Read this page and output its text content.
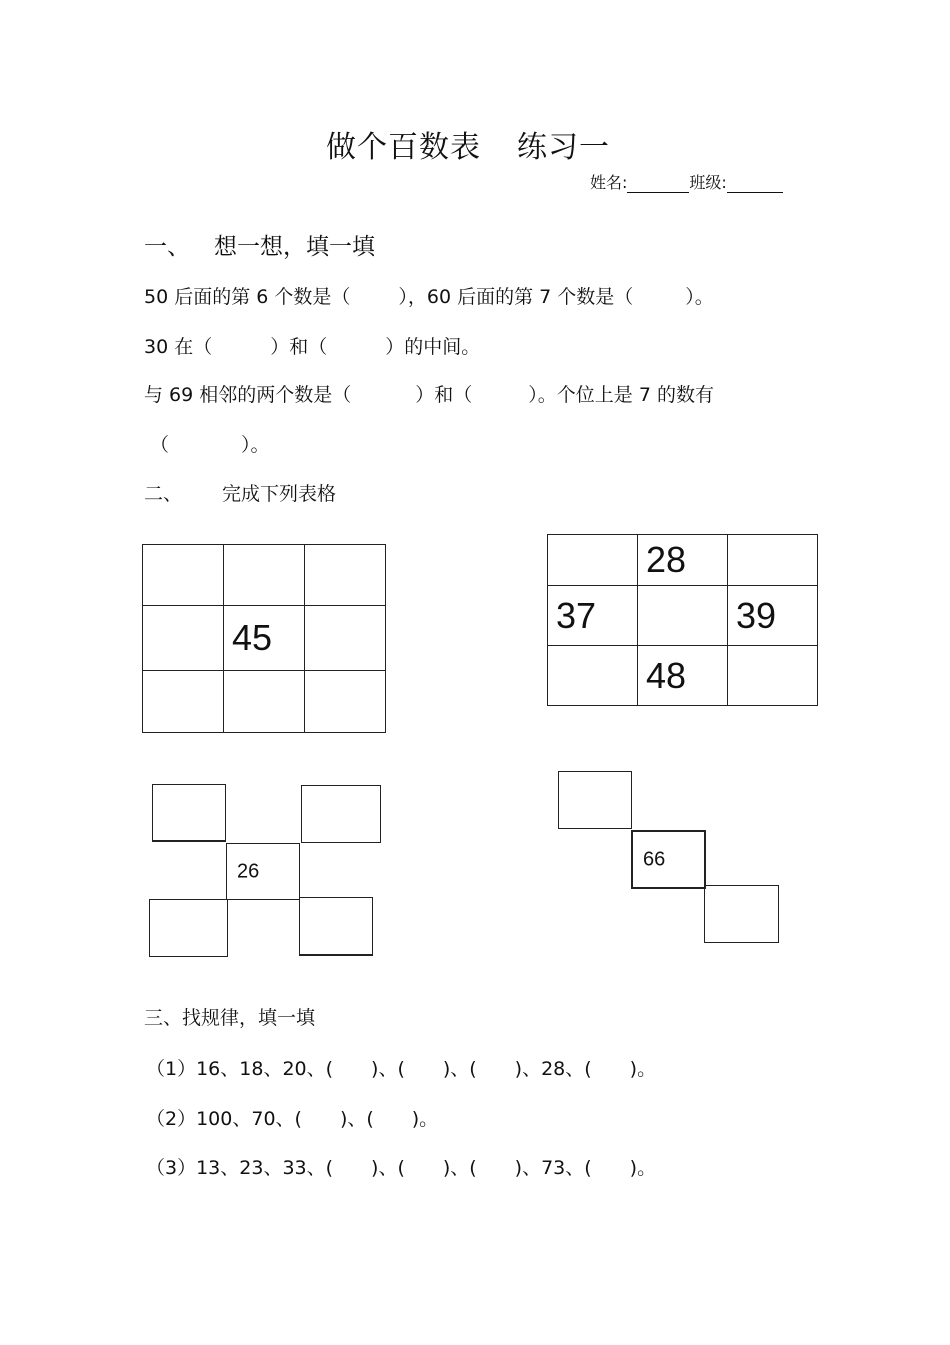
做个百数表 练习一
姓名:	班级:
一、 想一想，填一填
50 后面的第 6 个数是（	），60 后面的第 7 个数是（	）。
30 在（	）和（	）的中间。
与 69 相邻的两个数是（	）和（	）。个位上是 7 的数有
（	）。
二、 完成下列表格

	45	

	28	
37		39
	48	
26
66
三、找规律，填一填
（1）16、18、20、(　　)、(　　)、(　　)、28、(　　)。
（2）100、70、(　　)、(　　)。
（3）13、23、33、(　　)、(　　)、(　　)、73、(　　)。
